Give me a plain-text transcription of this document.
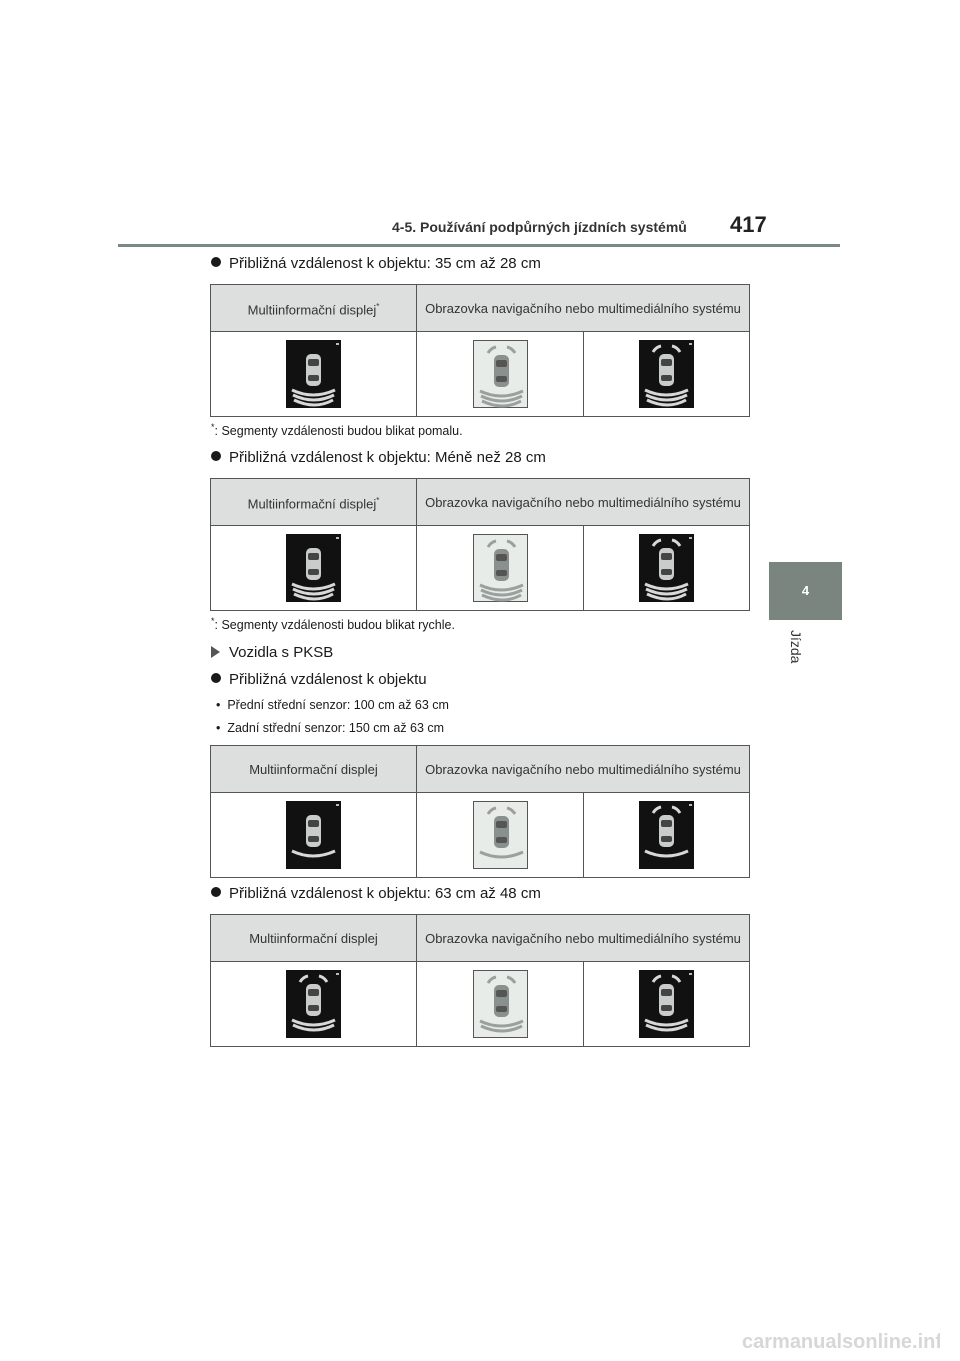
4-5. Používání podpůrných jízdních systémů 417
4
Jízda
Přibližná vzdálenost k objektu: 35 cm až 28 cm
Multiinformační displej*	Obrazovka navigačního nebo multimediálního systému	

*: Segmenty vzdálenosti budou blikat pomalu.
Přibližná vzdálenost k objektu: Méně než 28 cm
Multiinformační displej*	Obrazovka navigačního nebo multimediálního systému	

*: Segmenty vzdálenosti budou blikat rychle.
Vozidla s PKSB
Přibližná vzdálenost k objektu
•  Přední střední senzor: 100 cm až 63 cm
•  Zadní střední senzor: 150 cm až 63 cm
Multiinformační displej	Obrazovka navigačního nebo multimediálního systému	

Přibližná vzdálenost k objektu: 63 cm až 48 cm
Multiinformační displej	Obrazovka navigačního nebo multimediálního systému	

carmanualsonline.info
